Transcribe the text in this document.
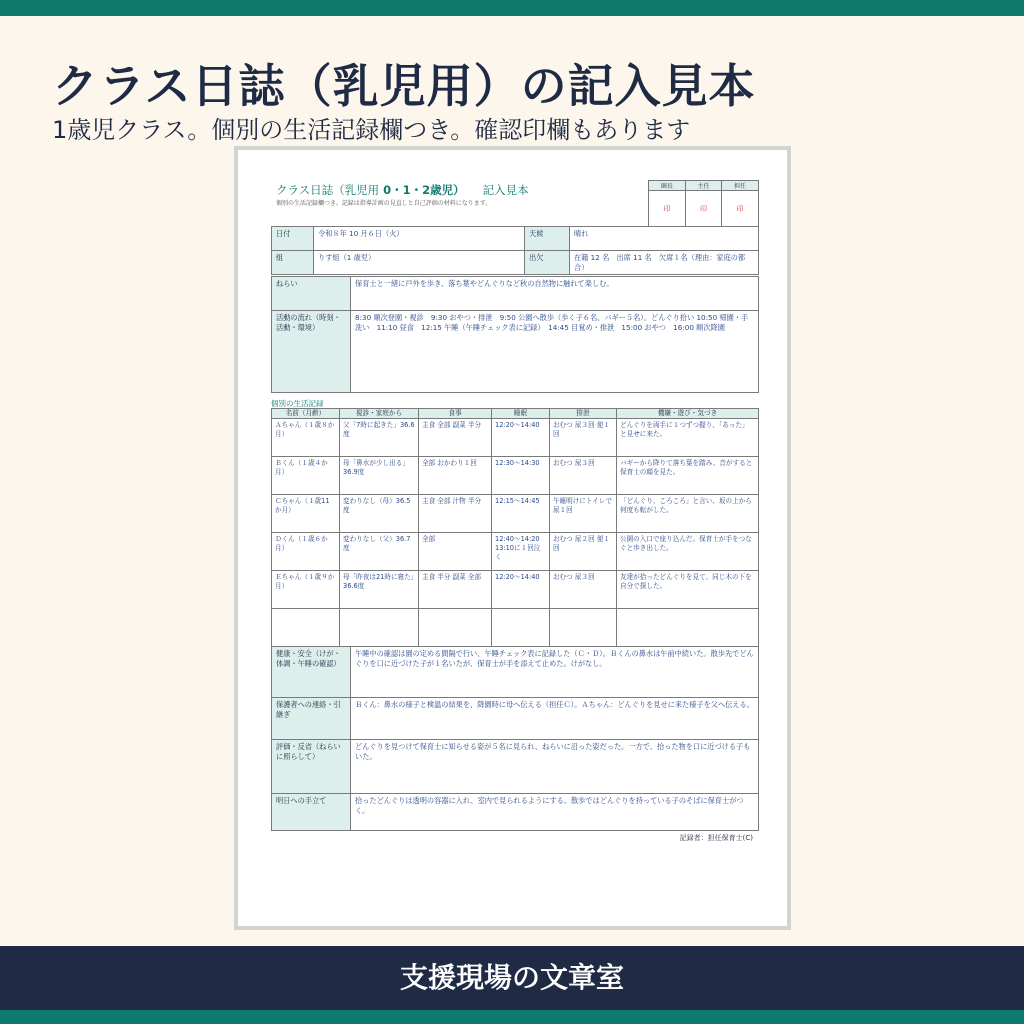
クラス日誌（乳児用）の記入見本
1歳児クラス。個別の生活記録欄つき。確認印欄もあります
クラス日誌（乳児用 0・1・2歳児） 記入見本
個別の生活記録欄つき。記録は指導計画の見直しと自己評価の材料になります。
園長	主任	担任
印	印	印
日付	令和８年 10 月６日（火）	天候	晴れ
組	りす組（1 歳児）	出欠	在籍 12 名　出席 11 名　欠席１名（理由：家庭の都合）
ねらい	保育士と一緒に戸外を歩き、落ち葉やどんぐりなど秋の自然物に触れて楽しむ。
活動の流れ（時刻・活動・環境）	8:30 順次登園・視診　9:30 おやつ・排泄　9:50 公園へ散歩（歩く子６名、バギー５名）。どんぐり拾い 10:50 帰園・手洗い　11:10 昼食　12:15 午睡（午睡チェック表に記録）　14:45 目覚め・排泄　15:00 おやつ　16:00 順次降園
個別の生活記録
名前（月齢）	視診・家庭から	食事	睡眠	排泄	機嫌・遊び・気づき
Ａちゃん（１歳８か月）	父「7時に起きた」36.6度	主食 全部 副菜 半分	12:20〜14:40	おむつ 尿３回 便１回	どんぐりを両手に１つずつ握り、「あった」と見せに来た。
Ｂくん（１歳４か月）	母「鼻水が少し出る」36.9度	全部 おかわり１回	12:30〜14:30	おむつ 尿３回	バギーから降りて落ち葉を踏み、音がすると保育士の顔を見た。
Ｃちゃん（１歳11か月）	変わりなし（母）36.5度	主食 全部 汁物 半分	12:15〜14:45	午睡明けにトイレで尿１回	「どんぐり、ころころ」と言い、坂の上から何度も転がした。
Ｄくん（１歳６か月）	変わりなし（父）36.7度	全部	12:40〜14:20 13:10に１回泣く	おむつ 尿２回 便１回	公園の入口で座り込んだ。保育士が手をつなぐと歩き出した。
Ｅちゃん（１歳９か月）	母「昨夜は21時に寝た」36.6度	主食 半分 副菜 全部	12:20〜14:40	おむつ 尿３回	友達が拾ったどんぐりを見て、同じ木の下を自分で探した。

健康・安全（けが・体調・午睡の確認）	午睡中の確認は園の定める間隔で行い、午睡チェック表に記録した（Ｃ・Ｄ）。Ｂくんの鼻水は午前中続いた。散歩先でどんぐりを口に近づけた子が１名いたが、保育士が手を添えて止めた。けがなし。
保護者への連絡・引継ぎ	Ｂくん：鼻水の様子と検温の結果を、降園時に母へ伝える（担任Ｃ）。Ａちゃん：どんぐりを見せに来た様子を父へ伝える。
評価・反省（ねらいに照らして）	どんぐりを見つけて保育士に知らせる姿が５名に見られ、ねらいに沿った姿だった。一方で、拾った物を口に近づける子もいた。
明日への手立て	拾ったどんぐりは透明の容器に入れ、室内で見られるようにする。散歩ではどんぐりを持っている子のそばに保育士がつく。
記録者：担任保育士(C)
支援現場の文章室
